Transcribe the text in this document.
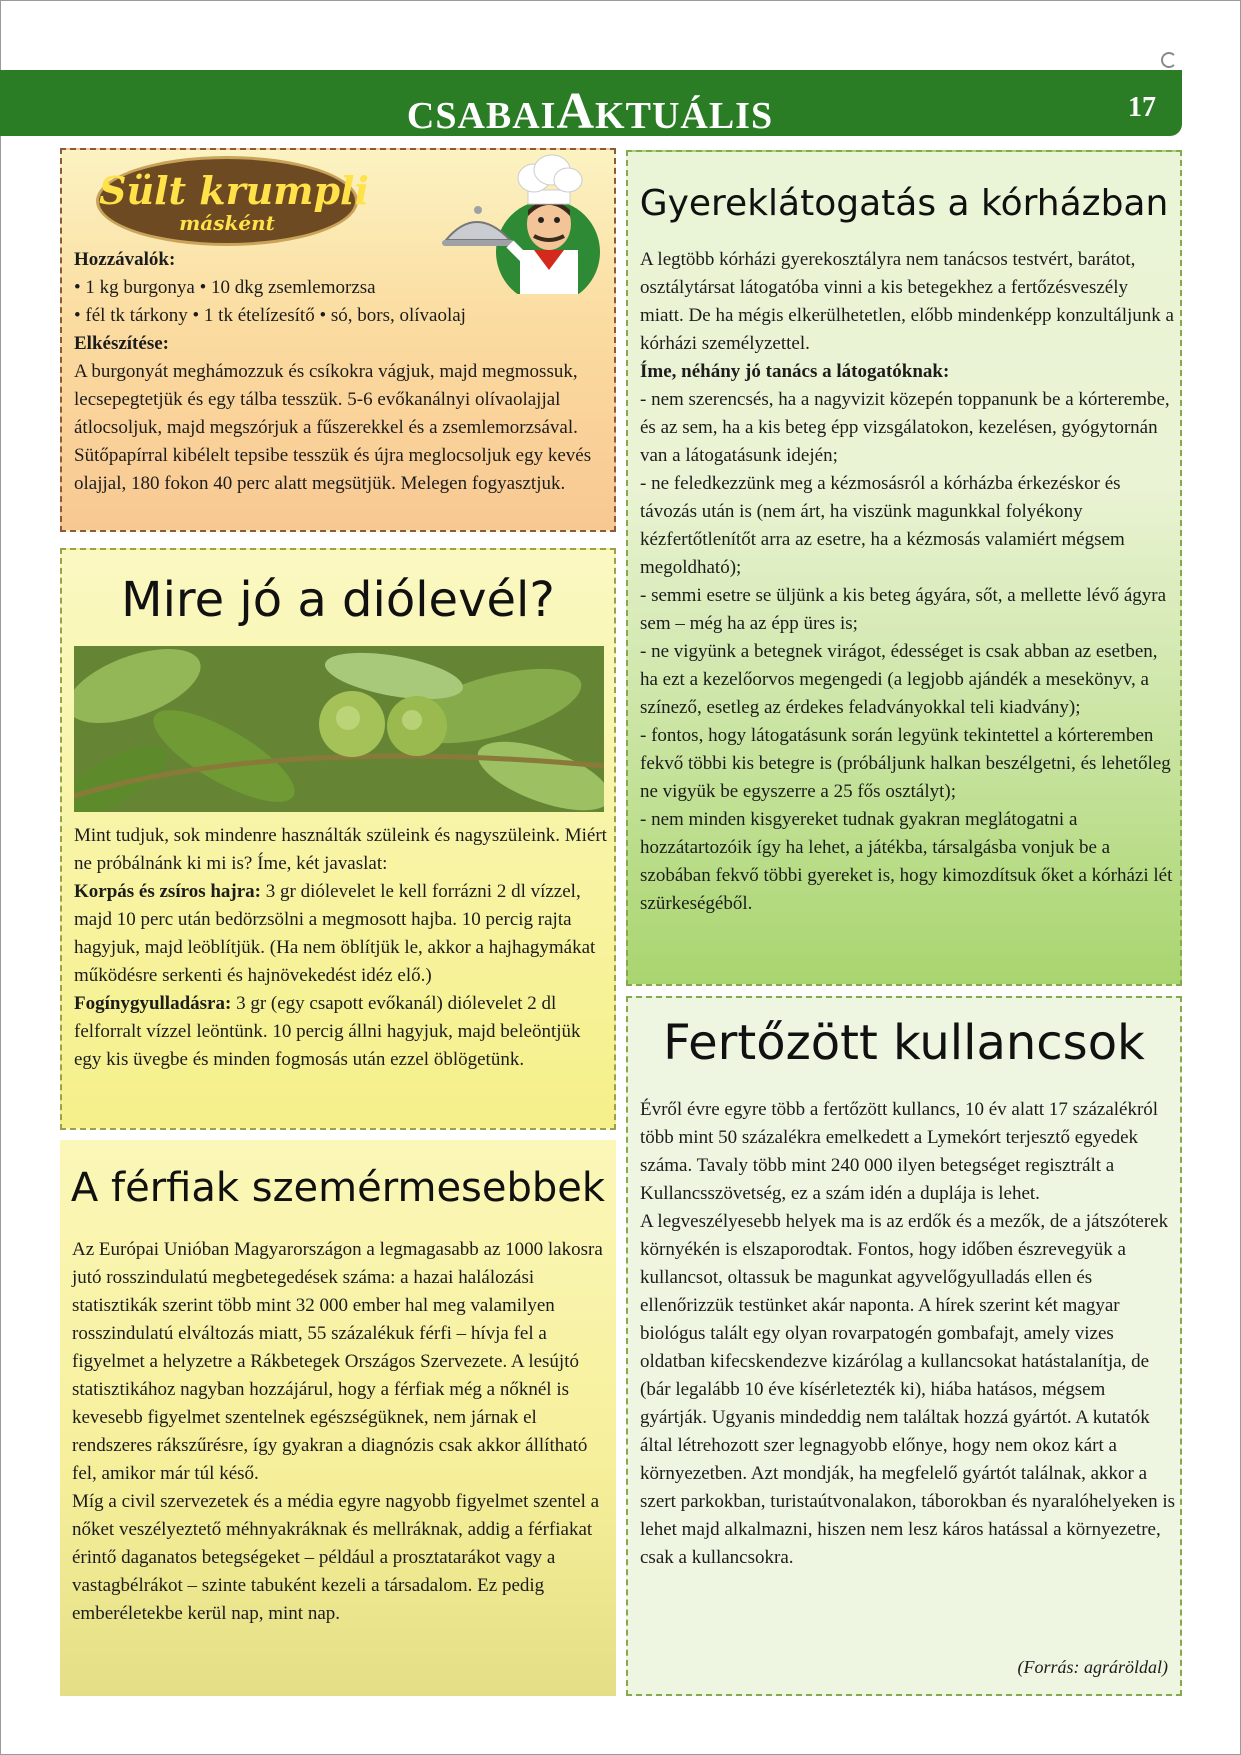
CSABAIAKTUÁLIS	17
Sült krumpli
másként

Hozzávalók:

• 1 kg burgonya • 10 dkg zsemlemorzsa

• fél tk tárkony • 1 tk ételízesítő • só, bors, olívaolaj

Elkészítése:

A burgonyát meghámozzuk és csíkokra vágjuk, majd megmossuk, lecsepegtetjük és egy tálba tesszük. 5-6 evőkanálnyi olívaolajjal átlocsoljuk, majd megszórjuk a fűszerekkel és a zsemlemorzsával. Sütőpapírral kibélelt tepsibe tesszük és újra meglocsoljuk egy kevés olajjal, 180 fokon 40 perc alatt megsütjük. Melegen fogyasztjuk.

Mire jó a diólevél?

Mint tudjuk, sok mindenre használták szüleink és nagyszüleink. Miért ne próbálnánk ki mi is? Íme, két javaslat:

Korpás és zsíros hajra: 3 gr diólevelet le kell forrázni 2 dl vízzel, majd 10 perc után bedörzsölni a megmosott hajba. 10 percig rajta hagyjuk, majd leöblítjük. (Ha nem öblítjük le, akkor a hajhagymákat működésre serkenti és hajnövekedést idéz elő.)

Fogínygyulladásra: 3 gr (egy csapott evőkanál) diólevelet 2 dl felforralt vízzel leöntünk. 10 percig állni hagyjuk, majd beleöntjük egy kis üvegbe és minden fogmosás után ezzel öblögetünk.

A férfiak szemérmesebbek

Az Európai Unióban Magyarországon a legmagasabb az 1000 lakosra jutó rosszindulatú megbetegedések száma: a hazai halálozási statisztikák szerint több mint 32 000 ember hal meg valamilyen rosszindulatú elváltozás miatt, 55 százalékuk férfi – hívja fel a figyelmet a helyzetre a Rákbetegek Országos Szervezete. A lesújtó statisztikához nagyban hozzájárul, hogy a férfiak még a nőknél is kevesebb figyelmet szentelnek egészségüknek, nem járnak el rendszeres rákszűrésre, így gyakran a diagnózis csak akkor állítható fel, amikor már túl késő.

Míg a civil szervezetek és a média egyre nagyobb figyelmet szentel a nőket veszélyeztető méhnyakráknak és mellráknak, addig a férfiakat érintő daganatos betegségeket – például a prosztatarákot vagy a vastagbélrákot – szinte tabuként kezeli a társadalom. Ez pedig emberéletekbe kerül nap, mint nap.

Gyereklátogatás a kórházban

A legtöbb kórházi gyerekosztályra nem tanácsos testvért, barátot, osztálytársat látogatóba vinni a kis betegekhez a fertőzésveszély miatt. De ha mégis elkerülhetetlen, előbb mindenképp konzultáljunk a kórházi személyzettel.

Íme, néhány jó tanács a látogatóknak:

- nem szerencsés, ha a nagyvizit közepén toppanunk be a kórterembe, és az sem, ha a kis beteg épp vizsgálatokon, kezelésen, gyógytornán van a látogatásunk idején;

- ne feledkezzünk meg a kézmosásról a kórházba érkezéskor és távozás után is (nem árt, ha viszünk magunkkal folyékony kézfertőtlenítőt arra az esetre, ha a kézmosás valamiért mégsem megoldható);

- semmi esetre se üljünk a kis beteg ágyára, sőt, a mellette lévő ágyra sem – még ha az épp üres is;

- ne vigyünk a betegnek virágot, édességet is csak abban az esetben, ha ezt a kezelőorvos megengedi (a legjobb ajándék a mesekönyv, a színező, esetleg az érdekes feladványokkal teli kiadvány);

- fontos, hogy látogatásunk során legyünk tekintettel a kórteremben fekvő többi kis betegre is (próbáljunk halkan beszélgetni, és lehetőleg ne vigyük be egyszerre a 25 fős osztályt);

- nem minden kisgyereket tudnak gyakran meglátogatni a hozzátartozóik így ha lehet, a játékba, társalgásba vonjuk be a szobában fekvő többi gyereket is, hogy kimozdítsuk őket a kórházi lét szürkeségéből.

Fertőzött kullancsok

Évről évre egyre több a fertőzött kullancs, 10 év alatt 17 százalékról több mint 50 százalékra emelkedett a Lymekórt terjesztő egyedek száma. Tavaly több mint 240 000 ilyen betegséget regisztrált a Kullancsszövetség, ez a szám idén a duplája is lehet.

A legveszélyesebb helyek ma is az erdők és a mezők, de a játszóterek környékén is elszaporodtak. Fontos, hogy időben észrevegyük a kullancsot, oltassuk be magunkat agyvelőgyulladás ellen és ellenőrizzük testünket akár naponta. A hírek szerint két magyar biológus talált egy olyan rovarpatogén gombafajt, amely vizes oldatban kifecskendezve kizárólag a kullancsokat hatástalanítja, de (bár legalább 10 éve kísérletezték ki), hiába hatásos, mégsem gyártják. Ugyanis mindeddig nem találtak hozzá gyártót. A kutatók által létrehozott szer legnagyobb előnye, hogy nem okoz kárt a környezetben. Azt mondják, ha megfelelő gyártót találnak, akkor a szert parkokban, turistaútvonalakon, táborokban és nyaralóhelyeken is lehet majd alkalmazni, hiszen nem lesz káros hatással a környezetre, csak a kullancsokra.

(Forrás: agráröldal)
